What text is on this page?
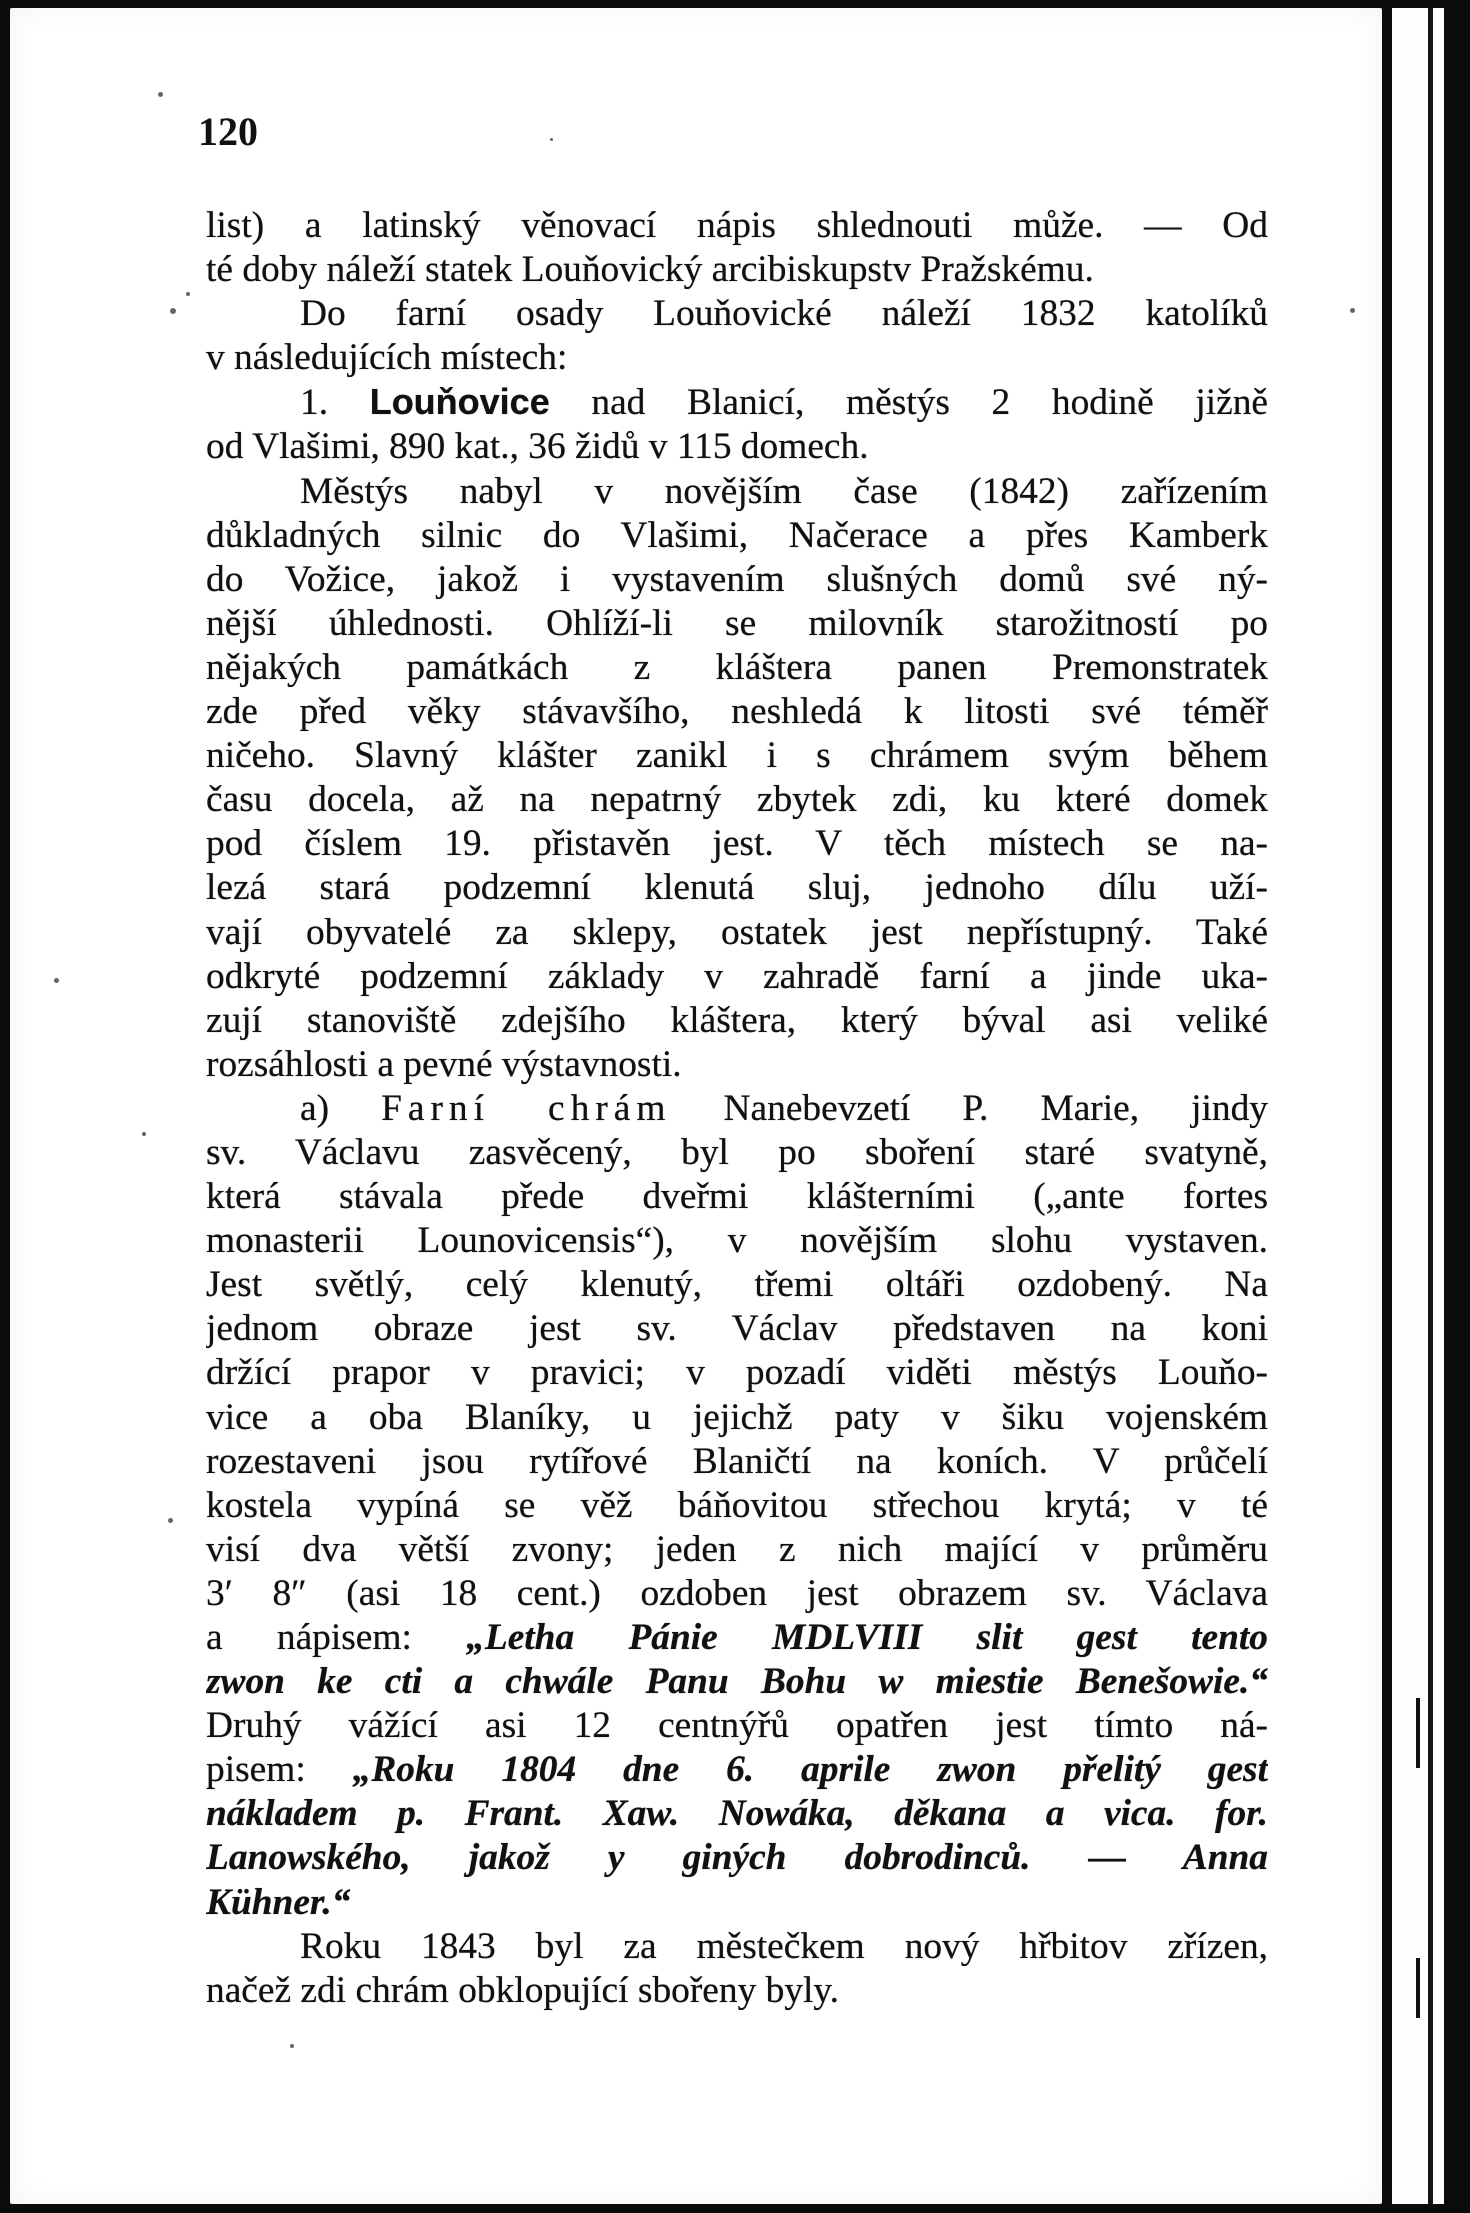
120

list) a latinský věnovací nápis shlednouti může. — Od

té doby náleží statek Louňovický arcibiskupstv Pražskému.

Do farní osady Louňovické náleží 1832 katolíků

v následujících místech:

1. Louňovice nad Blanicí, městýs 2 hodině jižně

od Vlašimi, 890 kat., 36 židů v 115 domech.

Městýs nabyl v novějším čase (1842) zařízením

důkladných silnic do Vlašimi, Načerace a přes Kamberk

do Vožice, jakož i vystavením slušných domů své ný-

nější úhlednosti. Ohlíží-li se milovník starožitností po

nějakých památkách z kláštera panen Premonstratek

zde před věky stávavšího, neshledá k litosti své téměř

ničeho. Slavný klášter zanikl i s chrámem svým během

času docela, až na nepatrný zbytek zdi, ku které domek

pod číslem 19. přistavěn jest. V těch místech se na-

lezá stará podzemní klenutá sluj, jednoho dílu uží-

vají obyvatelé za sklepy, ostatek jest nepřístupný. Také

odkryté podzemní základy v zahradě farní a jinde uka-

zují stanoviště zdejšího kláštera, který býval asi veliké

rozsáhlosti a pevné výstavnosti.

a) Farní chrám Nanebevzetí P. Marie, jindy

sv. Václavu zasvěcený, byl po sboření staré svatyně,

která stávala přede dveřmi klášterními („ante fortes

monasterii Lounovicensis“), v novějším slohu vystaven.

Jest světlý, celý klenutý, třemi oltáři ozdobený. Na

jednom obraze jest sv. Václav představen na koni

držící prapor v pravici; v pozadí viděti městýs Louňo-

vice a oba Blaníky, u jejichž paty v šiku vojenském

rozestaveni jsou rytířové Blaničtí na koních. V průčelí

kostela vypíná se věž báňovitou střechou krytá; v té

visí dva větší zvony; jeden z nich mající v průměru

3′ 8″ (asi 18 cent.) ozdoben jest obrazem sv. Václava

a nápisem: „Letha Pánie MDLVIII slit gest tento

zwon ke cti a chwále Panu Bohu w miestie Benešowie.“

Druhý vážící asi 12 centnýřů opatřen jest tímto ná-

pisem: „Roku 1804 dne 6. aprile zwon přelitý gest

nákladem p. Frant. Xaw. Nowáka, děkana a vica. for.

Lanowského, jakož y giných dobrodinců. — Anna

Kühner.“

Roku 1843 byl za městečkem nový hřbitov zřízen,

načež zdi chrám obklopující sbořeny byly.
